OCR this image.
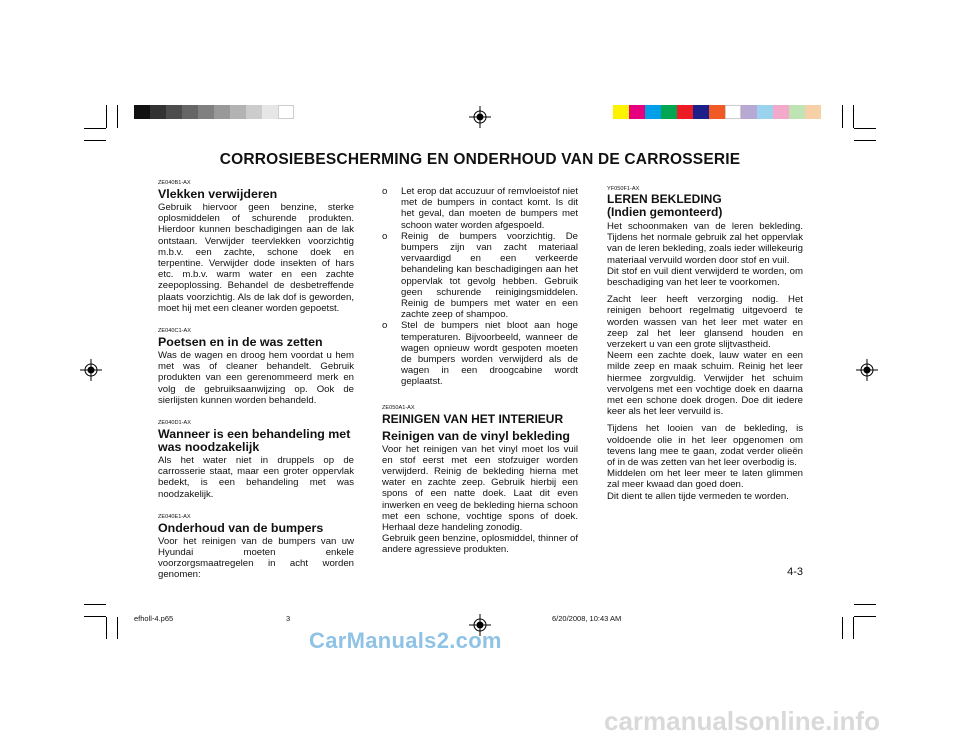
CORROSIEBESCHERMING EN ONDERHOUD VAN DE CARROSSERIE
ZE040B1-AX
Vlekken verwijderen

Gebruik hiervoor geen benzine, sterke oplosmiddelen of schurende produkten. Hierdoor kunnen beschadigingen aan de lak ontstaan. Verwijder teervlekken voorzichtig m.b.v. een zachte, schone doek en terpentine. Verwijder dode insekten of hars etc. m.b.v. warm water en een zachte zeepoplossing. Behandel de desbetreffende plaats voorzichtig. Als de lak dof is geworden, moet hij met een cleaner worden gepoetst.

ZE040C1-AX
Poetsen en in de was zetten

Was de wagen en droog hem voordat u hem met was of cleaner behandelt. Gebruik produkten van een gerenommeerd merk en volg de gebruiksaanwijzing op. Ook de sierlijsten kunnen worden behandeld.

ZE040D1-AX
Wanneer is een behandeling met was noodzakelijk

Als het water niet in druppels op de carrosserie staat, maar een groter oppervlak bedekt, is een behandeling met was noodzakelijk.

ZE040E1-AX
Onderhoud van de bumpers

Voor het reinigen van de bumpers van uw Hyundai moeten enkele voorzorgsmaatregelen in acht worden genomen:

o Let erop dat accuzuur of remvloeistof niet met de bumpers in contact komt. Is dit het geval, dan moeten de bumpers met schoon water worden afgespoeld.
o Reinig de bumpers voorzichtig. De bumpers zijn van zacht materiaal vervaardigd en een verkeerde behandeling kan beschadigingen aan het oppervlak tot gevolg hebben. Gebruik geen schurende reinigingsmiddelen. Reinig de bumpers met water en een zachte zeep of shampoo.
o Stel de bumpers niet bloot aan hoge temperaturen. Bijvoorbeeld, wanneer de wagen opnieuw wordt gespoten moeten de bumpers worden verwijderd als de wagen in een droogcabine wordt geplaatst.
ZE050A1-AX
REINIGEN VAN HET INTERIEUR
Reinigen van de vinyl bekleding

Voor het reinigen van het vinyl moet los vuil en stof eerst met een stofzuiger worden verwijderd. Reinig de bekleding hierna met water en zachte zeep. Gebruik hierbij een spons of een natte doek. Laat dit even inwerken en veeg de bekleding hierna schoon met een schone, vochtige spons of doek. Herhaal deze handeling zonodig.

Gebruik geen benzine, oplosmiddel, thinner of andere agressieve produkten.

YF050F1-AX
LEREN BEKLEDING
(Indien gemonteerd)

Het schoonmaken van de leren bekleding. Tijdens het normale gebruik zal het oppervlak van de leren bekleding, zoals ieder willekeurig materiaal vervuild worden door stof en vuil.

Dit stof en vuil dient verwijderd te worden, om beschadiging van het leer te voorkomen.

Zacht leer heeft verzorging nodig. Het reinigen behoort regelmatig uitgevoerd te worden wassen van het leer met water en zeep zal het leer glansend houden en verzekert u van een grote slijtvastheid.

Neem een zachte doek, lauw water en een milde zeep en maak schuim. Reinig het leer hiermee zorgvuldig. Verwijder het schuim vervolgens met een vochtige doek en daarna met een schone doek drogen. Doe dit iedere keer als het leer vervuild is.

Tijdens het looien van de bekleding, is voldoende olie in het leer opgenomen om tevens lang mee te gaan, zodat verder olieën of in de was zetten van het leer overbodig is.

Middelen om het leer meer te laten glimmen zal meer kwaad dan goed doen.

Dit dient te allen tijde vermeden te worden.

4-3
efholl-4.p65	3	6/20/2008, 10:43 AM
CarManuals2.com
carmanualsonline.info
